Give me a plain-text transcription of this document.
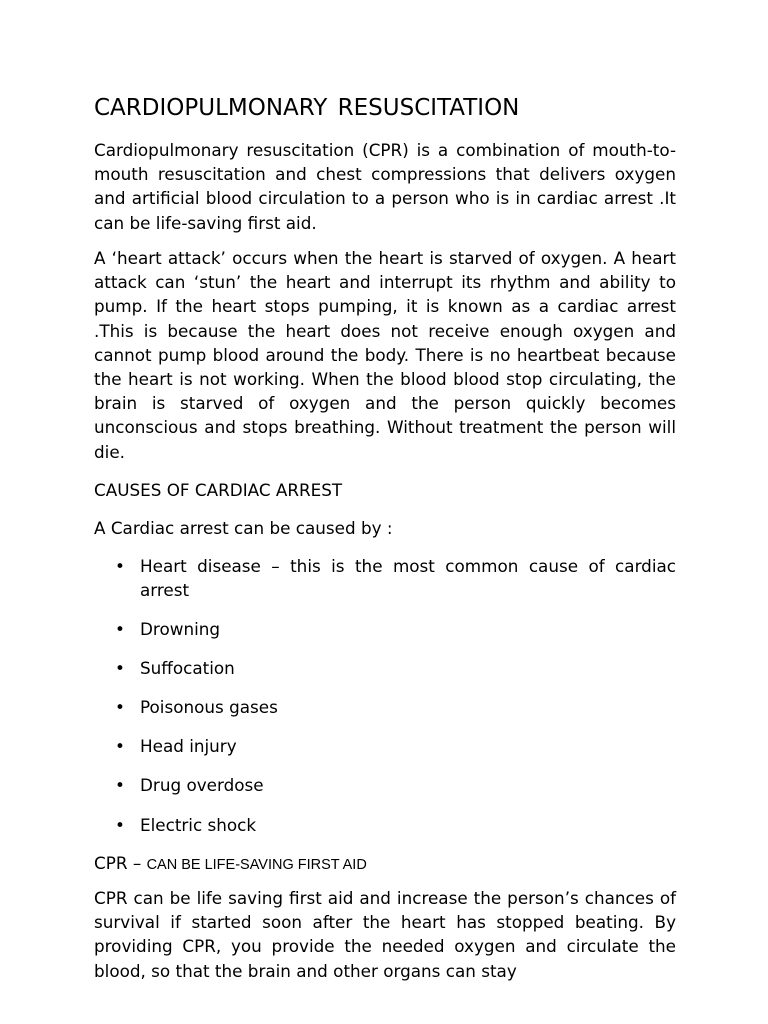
CARDIOPULMONARY RESUSCITATION

Cardiopulmonary resuscitation (CPR) is a combination of mouth-to-mouth resuscitation and chest compressions that delivers oxygen and artificial blood circulation to a person who is in cardiac arrest .It can be life-saving first aid.

A ‘heart attack’ occurs when the heart is starved of oxygen. A heart attack can ‘stun’ the heart and interrupt its rhythm and ability to pump. If the heart stops pumping, it is known as a cardiac arrest .This is because the heart does not receive enough oxygen and cannot pump blood around the body. There is no heartbeat because the heart is not working. When the blood blood stop circulating, the brain is starved of oxygen and the person quickly becomes unconscious and stops breathing. Without treatment the person will die.

CAUSES OF CARDIAC ARREST

A Cardiac arrest can be caused by :

• Heart disease – this is the most common cause of cardiac arrest
• Drowning
• Suffocation
• Poisonous gases
• Head injury
• Drug overdose
• Electric shock

CPR – CAN BE LIFE-SAVING FIRST AID

CPR can be life saving first aid and increase the person’s chances of survival if started soon after the heart has stopped beating. By providing CPR, you provide the needed oxygen and circulate the blood, so that the brain and other organs can stay
